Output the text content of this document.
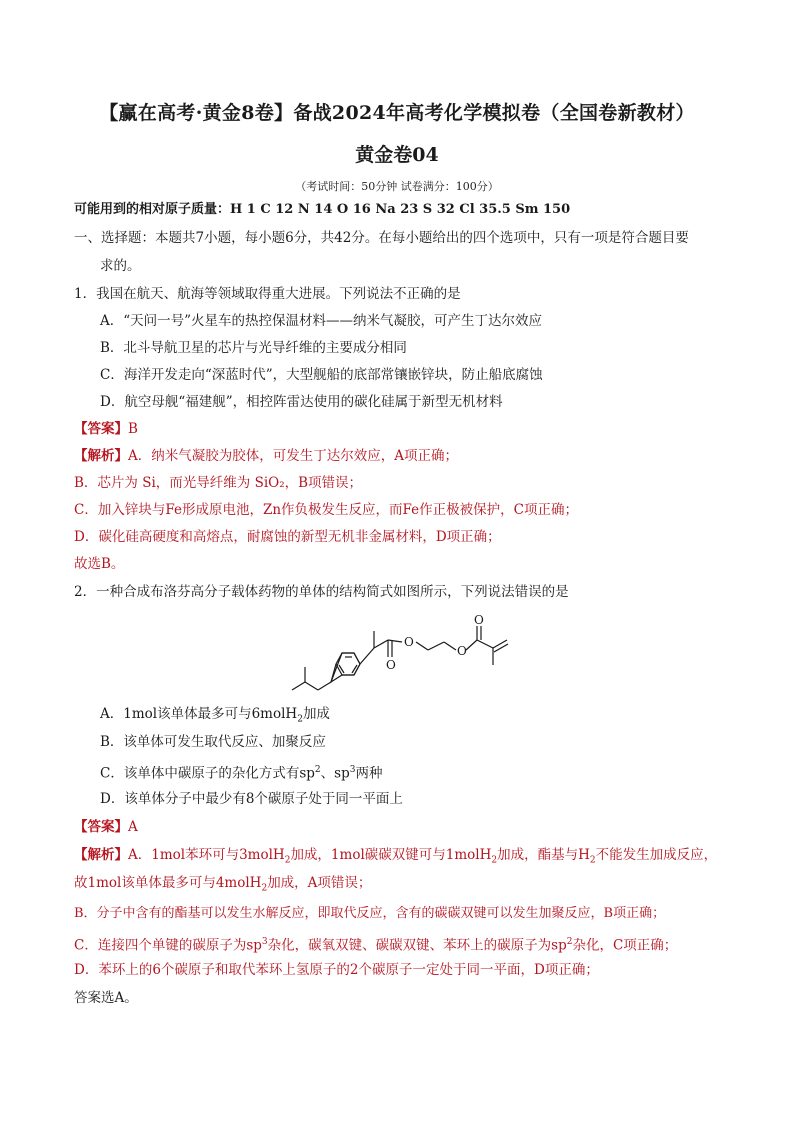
【赢在高考·黄金8卷】备战2024年高考化学模拟卷（全国卷新教材）
黄金卷04
（考试时间：50分钟 试卷满分：100分）
可能用到的相对原子质量：H 1 C 12 N 14 O 16 Na 23 S 32 Cl 35.5 Sm 150
一、选择题：本题共7小题，每小题6分，共42分。在每小题给出的四个选项中，只有一项是符合题目要
求的。
1．我国在航天、航海等领域取得重大进展。下列说法不正确的是
A．“天问一号”火星车的热控保温材料——纳米气凝胶，可产生丁达尔效应
B．北斗导航卫星的芯片与光导纤维的主要成分相同
C．海洋开发走向“深蓝时代”，大型舰船的底部常镶嵌锌块，防止船底腐蚀
D．航空母舰“福建舰”，相控阵雷达使用的碳化硅属于新型无机材料
【答案】B
【解析】A．纳米气凝胶为胶体，可发生丁达尔效应，A项正确；
B．芯片为 Si，而光导纤维为 SiO₂，B项错误；
C．加入锌块与Fe形成原电池，Zn作负极发生反应，而Fe作正极被保护，C项正确；
D．碳化硅高硬度和高熔点，耐腐蚀的新型无机非金属材料，D项正确；
故选B。
2．一种合成布洛芬高分子载体药物的单体的结构简式如图所示，下列说法错误的是
O
O
O
O
A．1mol该单体最多可与6molH$_2$加成
B．该单体可发生取代反应、加聚反应
C．该单体中碳原子的杂化方式有$sp^2$、$sp^3$两种
D．该单体分子中最少有8个碳原子处于同一平面上
【答案】A
【解析】A．1mol苯环可与3molH$_2$加成，1mol碳碳双键可与1molH$_2$加成，酯基与$H_2$不能发生加成反应，
故1mol该单体最多可与4molH$_2$加成，A项错误；
B．分子中含有的酯基可以发生水解反应，即取代反应，含有的碳碳双键可以发生加聚反应，B项正确；
C．连接四个单键的碳原子为$sp^3$杂化，碳氧双键、碳碳双键、苯环上的碳原子为$sp^2$杂化，C项正确；
D．苯环上的6个碳原子和取代苯环上氢原子的2个碳原子一定处于同一平面，D项正确；
答案选A。
